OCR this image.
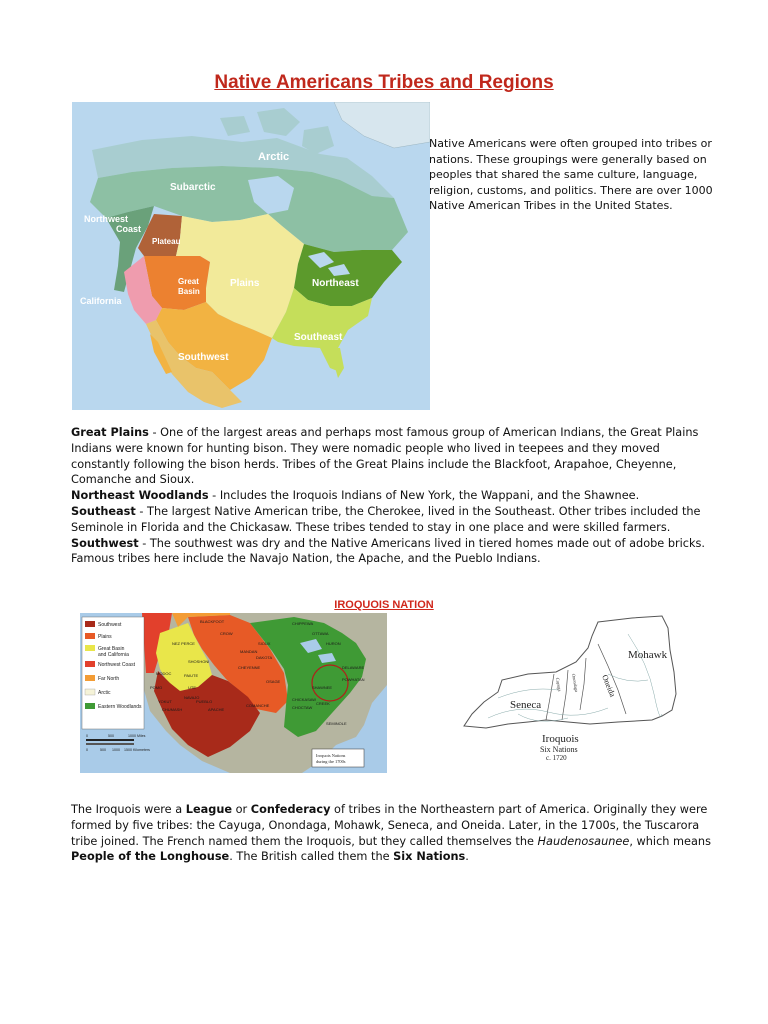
Native Americans Tribes and Regions
Arctic
Subarctic
Northwest
Coast
Plateau
Great
Basin
Plains	Northeast
California
Southeast
Southwest

Native Americans were often grouped into tribes or nations. These groupings were generally based on peoples that shared the same culture, language, religion, customs, and politics. There are over 1000 Native American Tribes in the United States.

Great Plains - One of the largest areas and perhaps most famous group of American Indians, the Great Plains Indians were known for hunting bison. They were nomadic people who lived in teepees and they moved constantly following the bison herds. Tribes of the Great Plains include the Blackfoot, Arapahoe, Cheyenne, Comanche and Sioux.

Northeast Woodlands - Includes the Iroquois Indians of New York, the Wappani, and the Shawnee.

Southeast - The largest Native American tribe, the Cherokee, lived in the Southeast. Other tribes included the Seminole in Florida and the Chickasaw. These tribes tended to stay in one place and were skilled farmers.

Southwest - The southwest was dry and the Native Americans lived in tiered homes made out of adobe bricks. Famous tribes here include the Navajo Nation, the Apache, and the Pueblo Indians.

IROQUOIS NATION
Southwest
Plains
Great Basin
and California
Northwest Coast
Far North
Arctic
Eastern Woodlands
BLACKFOOT	CHIPPEWA
OTTAWA
CROW
NEZ PERCE	SIOUX	HURON
MANDAN
DAKOTA
SHOSHONI
CHEYENNE	DELAWARE
MODOC	PAIUTE
POMO	UTE	SHAWNEE
CHICKASAW
CHOCTAW
CREEK
SEMINOLE
NAVAJO
APACHE
COMANCHE
OSAGE
YOKUT
CHUMASH
PUEBLO
POWHATAN
0	500	1000 Miles
0	500 1000 1500 Kilometers
Iroquois Nations
during the 1700s
Mohawk
Oneida
Seneca
Cayuga Onondaga
Iroquois
Six Nations
c. 1720

The Iroquois were a League or Confederacy of tribes in the Northeastern part of America. Originally they were formed by five tribes: the Cayuga, Onondaga, Mohawk, Seneca, and Oneida. Later, in the 1700s, the Tuscarora tribe joined. The French named them the Iroquois, but they called themselves the Haudenosaunee, which means People of the Longhouse. The British called them the Six Nations.
